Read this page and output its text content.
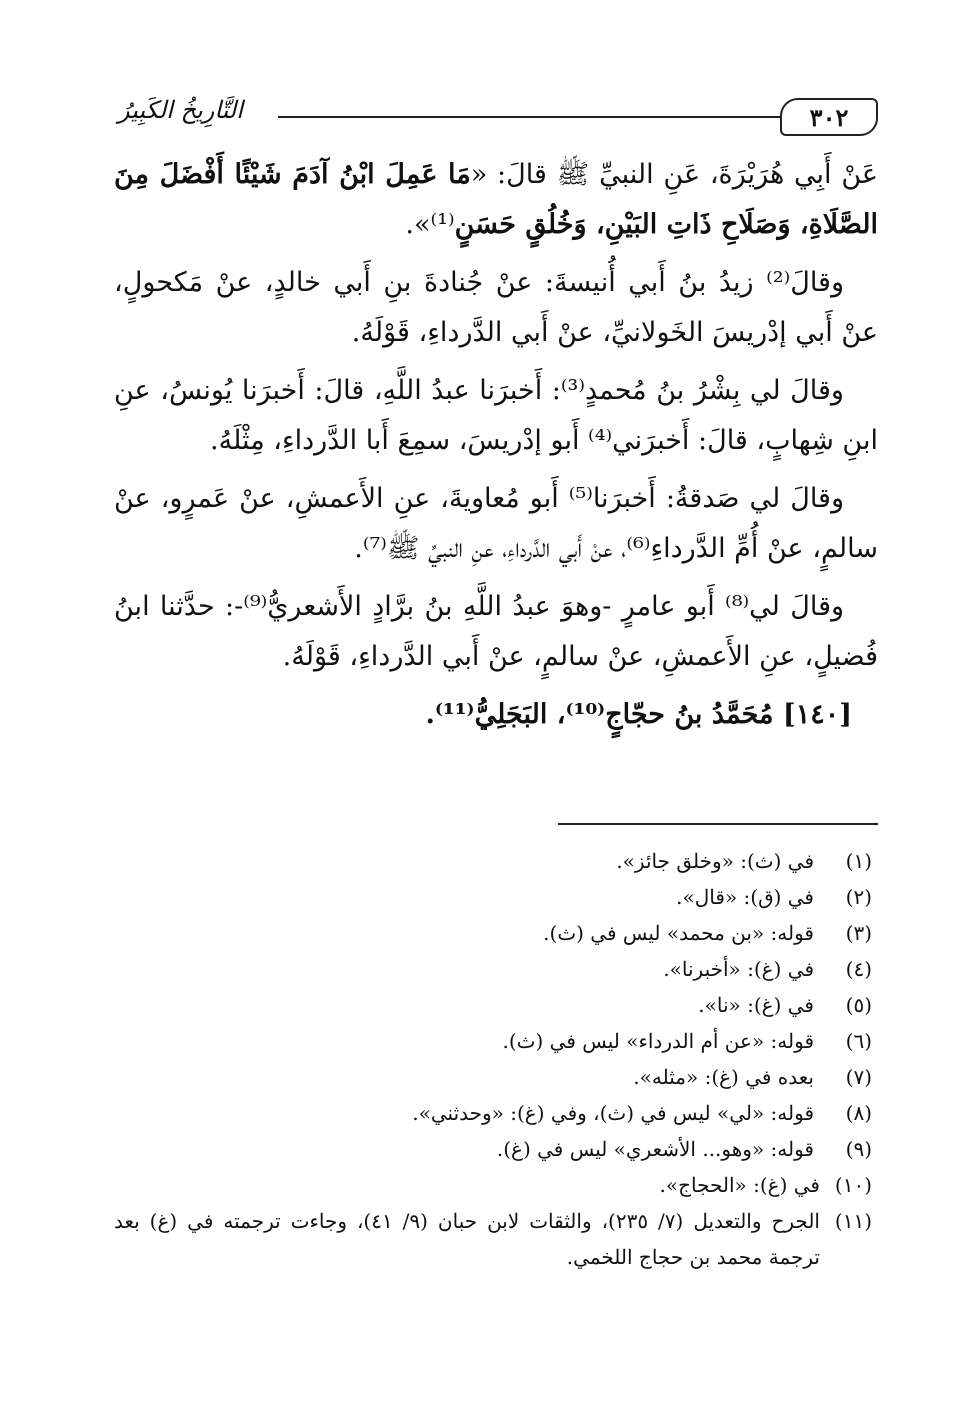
٣٠٢
التَّارِيخُ الكَبِيرُ

عَنْ أَبِي هُرَيْرَةَ، عَنِ النبيِّ ﷺ قالَ: «مَا عَمِلَ ابْنُ آدَمَ شَيْئًا أَفْضَلَ مِنَ الصَّلَاةِ، وَصَلَاحِ ذَاتِ البَيْنِ، وَخُلُقٍ حَسَنٍ⁽¹⁾».

وقالَ⁽²⁾ زيدُ بنُ أَبي أُنيسةَ: عنْ جُنادةَ بنِ أَبي خالدٍ، عنْ مَكحولٍ، عنْ أَبي إدْريسَ الخَولانيِّ، عنْ أَبي الدَّرداءِ، قَوْلَهُ.

وقالَ لي بِشْرُ بنُ مُحمدٍ⁽³⁾: أَخبرَنا عبدُ اللَّهِ، قالَ: أَخبرَنا يُونسُ، عنِ ابنِ شِهابٍ، قالَ: أَخبرَني⁽⁴⁾ أَبو إدْريسَ، سمِعَ أَبا الدَّرداءِ، مِثْلَهُ.

وقالَ لي صَدقةُ: أَخبرَنا⁽⁵⁾ أَبو مُعاويةَ، عنِ الأَعمشِ، عنْ عَمرٍو، عنْ سالمٍ، عنْ أُمِّ الدَّرداءِ⁽⁶⁾، عنْ أَبي الدَّرداءِ، عنِ النبيِّ ﷺ⁽⁷⁾.

وقالَ لي⁽⁸⁾ أَبو عامرٍ -وهوَ عبدُ اللَّهِ بنُ برَّادٍ الأَشعريُّ⁽⁹⁾-: حدَّثنا ابنُ فُضيلٍ، عنِ الأَعمشِ، عنْ سالمٍ، عنْ أَبي الدَّرداءِ، قَوْلَهُ.

[١٤٠] مُحَمَّدُ بنُ حجّاجٍ⁽¹⁰⁾، البَجَلِيُّ⁽¹¹⁾.

(١)
في (ث): «وخلق جائز».
(٢)
في (ق): «قال».
(٣)
قوله: «بن محمد» ليس في (ث).
(٤)
في (غ): «أخبرنا».
(٥)
في (غ): «نا».
(٦)
قوله: «عن أم الدرداء» ليس في (ث).
(٧)
بعده في (غ): «مثله».
(٨)
قوله: «لي» ليس في (ث)، وفي (غ): «وحدثني».
(٩)
قوله: «وهو... الأشعري» ليس في (غ).
(١٠)
في (غ): «الحجاج».
(١١)
الجرح والتعديل (٧/ ٢٣٥)، والثقات لابن حبان (٩/ ٤١)، وجاءت ترجمته في (غ) بعد ترجمة محمد بن حجاج اللخمي.
